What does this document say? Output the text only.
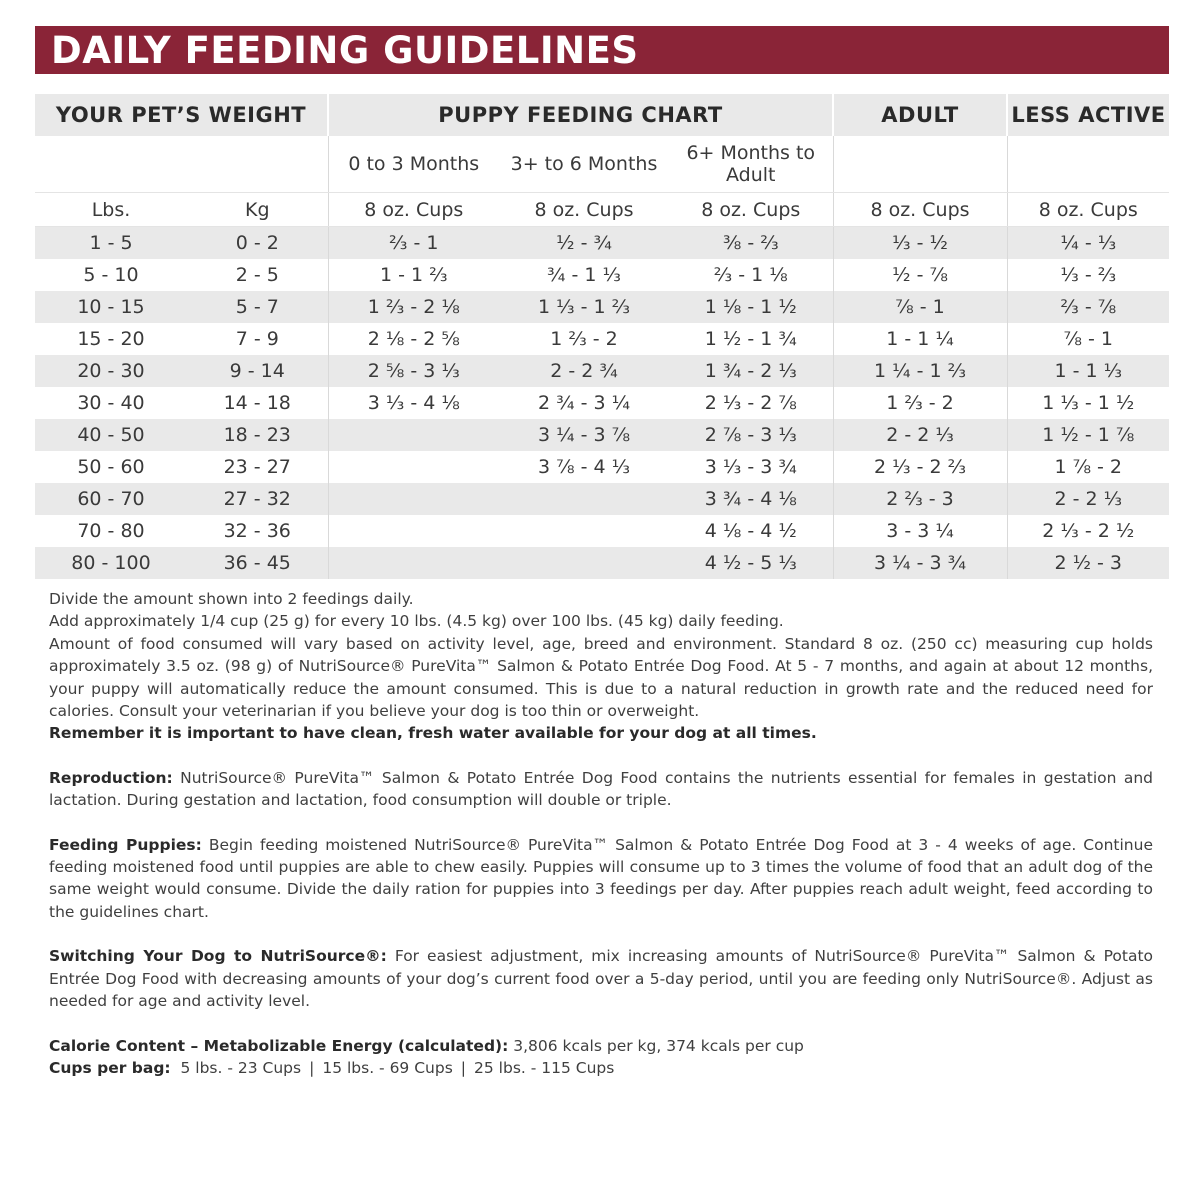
DAILY FEEDING GUIDELINES
YOUR PET’S WEIGHT		PUPPY FEEDING CHART			ADULT	LESS ACTIVE
		0 to 3 Months	3+ to 6 Months	6+ Months to Adult		
Lbs.	Kg	8 oz. Cups	8 oz. Cups	8 oz. Cups	8 oz. Cups	8 oz. Cups
1 - 5	0 - 2	⅔ - 1	½ - ¾	⅜ - ⅔	⅓ - ½	¼ - ⅓
5 - 10	2 - 5	1 - 1 ⅔	¾ - 1 ⅓	⅔ - 1 ⅛	½ - ⅞	⅓ - ⅔
10 - 15	5 - 7	1 ⅔ - 2 ⅛	1 ⅓ - 1 ⅔	1 ⅛ - 1 ½	⅞ - 1	⅔ - ⅞
15 - 20	7 - 9	2 ⅛ - 2 ⅝	1 ⅔ - 2	1 ½ - 1 ¾	1 - 1 ¼	⅞ - 1
20 - 30	9 - 14	2 ⅝ - 3 ⅓	2 - 2 ¾	1 ¾ - 2 ⅓	1 ¼ - 1 ⅔	1 - 1 ⅓
30 - 40	14 - 18	3 ⅓ - 4 ⅛	2 ¾ - 3 ¼	2 ⅓ - 2 ⅞	1 ⅔ - 2	1 ⅓ - 1 ½
40 - 50	18 - 23		3 ¼ - 3 ⅞	2 ⅞ - 3 ⅓	2 - 2 ⅓	1 ½ - 1 ⅞
50 - 60	23 - 27		3 ⅞ - 4 ⅓	3 ⅓ - 3 ¾	2 ⅓ - 2 ⅔	1 ⅞ - 2
60 - 70	27 - 32			3 ¾ - 4 ⅛	2 ⅔ - 3	2 - 2 ⅓
70 - 80	32 - 36			4 ⅛ - 4 ½	3 - 3 ¼	2 ⅓ - 2 ½
80 - 100	36 - 45			4 ½ - 5 ⅓	3 ¼ - 3 ¾	2 ½ - 3

Divide the amount shown into 2 feedings daily.

Add approximately 1/4 cup (25 g) for every 10 lbs. (4.5 kg) over 100 lbs. (45 kg) daily feeding.

Amount of food consumed will vary based on activity level, age, breed and environment. Standard 8 oz. (250 cc) measuring cup holds approximately 3.5 oz. (98 g) of NutriSource® PureVita™ Salmon & Potato Entrée Dog Food. At 5 - 7 months, and again at about 12 months, your puppy will automatically reduce the amount consumed. This is due to a natural reduction in growth rate and the reduced need for calories. Consult your veterinarian if you believe your dog is too thin or overweight.

Remember it is important to have clean, fresh water available for your dog at all times.

Reproduction: NutriSource® PureVita™ Salmon & Potato Entrée Dog Food contains the nutrients essential for females in gestation and lactation. During gestation and lactation, food consumption will double or triple.

Feeding Puppies: Begin feeding moistened NutriSource® PureVita™ Salmon & Potato Entrée Dog Food at 3 - 4 weeks of age. Continue feeding moistened food until puppies are able to chew easily. Puppies will consume up to 3 times the volume of food that an adult dog of the same weight would consume. Divide the daily ration for puppies into 3 feedings per day. After puppies reach adult weight, feed according to the guidelines chart.

Switching Your Dog to NutriSource®: For easiest adjustment, mix increasing amounts of NutriSource® PureVita™ Salmon & Potato Entrée Dog Food with decreasing amounts of your dog’s current food over a 5-day period, until you are feeding only NutriSource®. Adjust as needed for age and activity level.

Calorie Content – Metabolizable Energy (calculated): 3,806 kcals per kg, 374 kcals per cup

Cups per bag: 5 lbs. - 23 Cups | 15 lbs. - 69 Cups | 25 lbs. - 115 Cups
